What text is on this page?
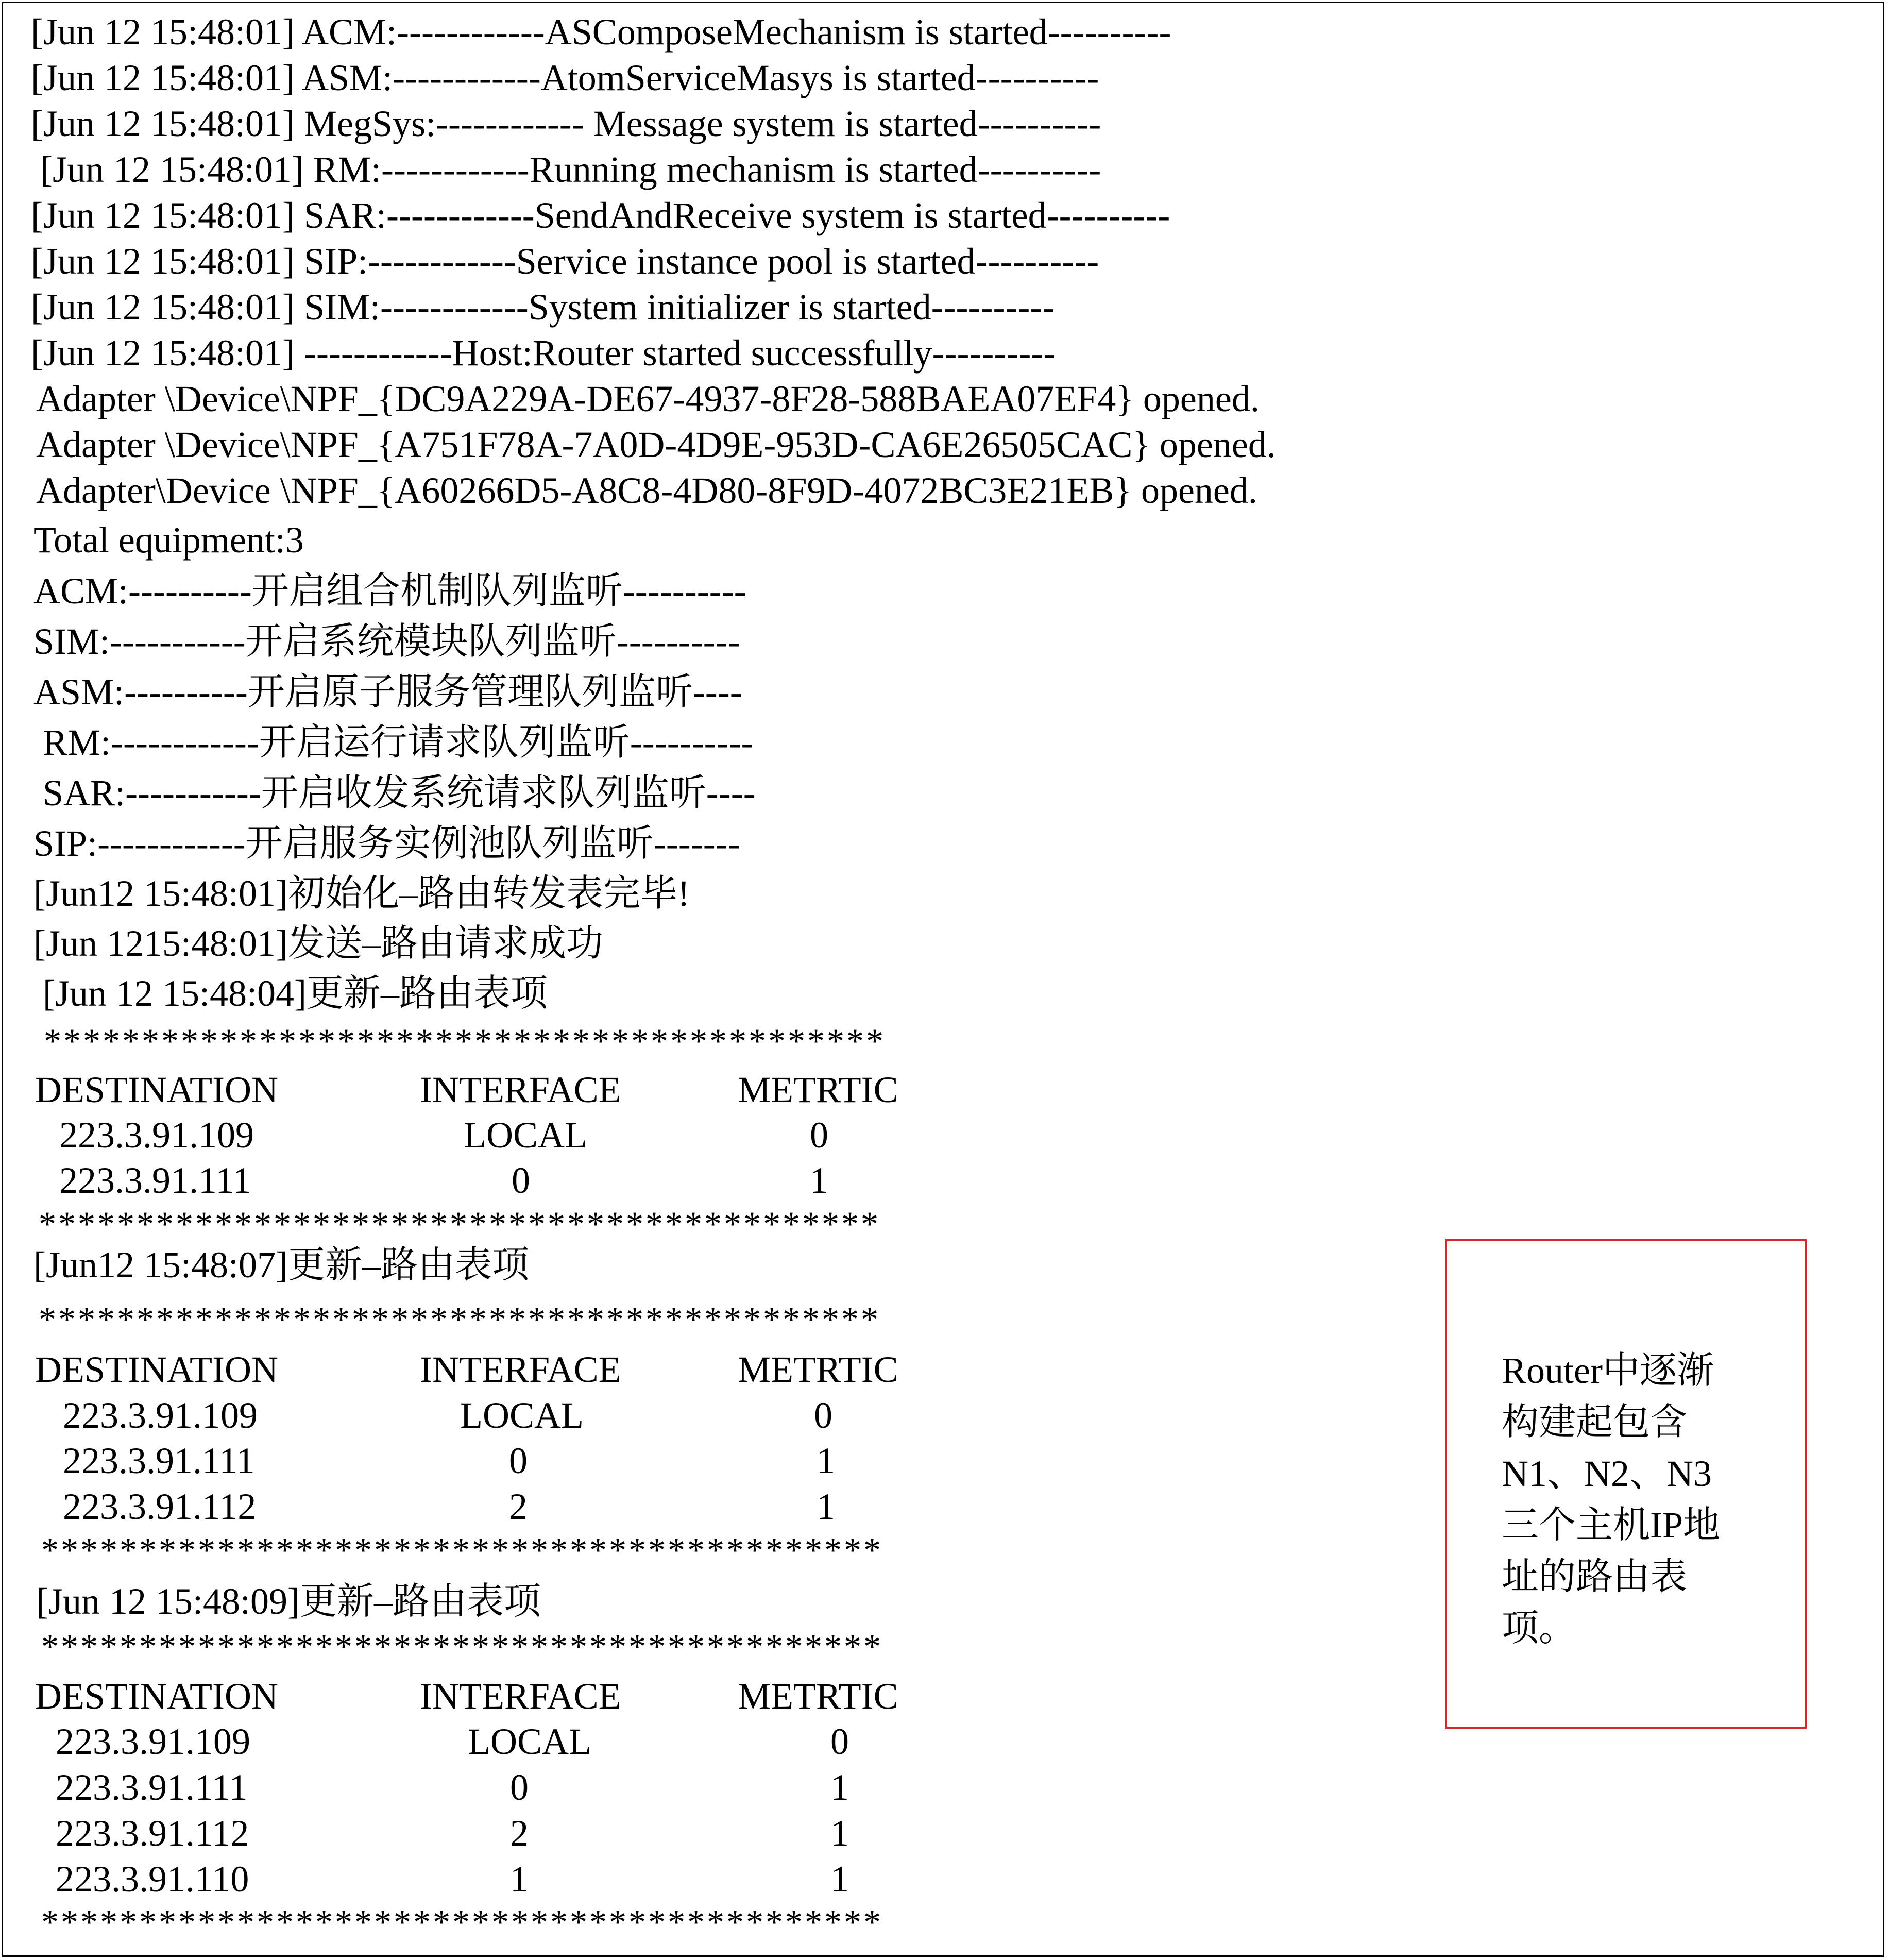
[Jun 12 15:48:01] ACM:------------ASComposeMechanism is started----------
[Jun 12 15:48:01] ASM:------------AtomServiceMasys is started----------
[Jun 12 15:48:01] MegSys:------------ Message system is started----------
[Jun 12 15:48:01] RM:------------Running mechanism is started----------
[Jun 12 15:48:01] SAR:------------SendAndReceive system is started----------
[Jun 12 15:48:01] SIP:------------Service instance pool is started----------
[Jun 12 15:48:01] SIM:------------System initializer is started----------
[Jun 12 15:48:01] ------------Host:Router started successfully----------
Adapter \Device\NPF_{DC9A229A-DE67-4937-8F28-588BAEA07EF4} opened.
Adapter \Device\NPF_{A751F78A-7A0D-4D9E-953D-CA6E26505CAC} opened.
Adapter\Device \NPF_{A60266D5-A8C8-4D80-8F9D-4072BC3E21EB} opened.
Total equipment:3
ACM:----------开启组合机制队列监听----------
SIM:-----------开启系统模块队列监听----------
ASM:----------开启原子服务管理队列监听----
RM:------------开启运行请求队列监听----------
SAR:-----------开启收发系统请求队列监听----
SIP:------------开启服务实例池队列监听-------
[Jun12 15:48:01]初始化–路由转发表完毕!
[Jun 1215:48:01]发送–路由请求成功
[Jun 12 15:48:04]更新–路由表项
*******************************************
DESTINATION	INTERFACE	METRTIC
223.3.91.109	LOCAL	0
223.3.91.111	0	1
*******************************************
[Jun12 15:48:07]更新–路由表项
*******************************************
DESTINATION	INTERFACE	METRTIC
223.3.91.109	LOCAL	0
223.3.91.111	0	1
223.3.91.112	2	1
*******************************************
[Jun 12 15:48:09]更新–路由表项
*******************************************
DESTINATION	INTERFACE	METRTIC
223.3.91.109	LOCAL	0
223.3.91.111	0	1
223.3.91.112	2	1
223.3.91.110	1	1
*******************************************
Router中逐渐
构建起包含
N1、N2、N3
三个主机IP地
址的路由表
项。
